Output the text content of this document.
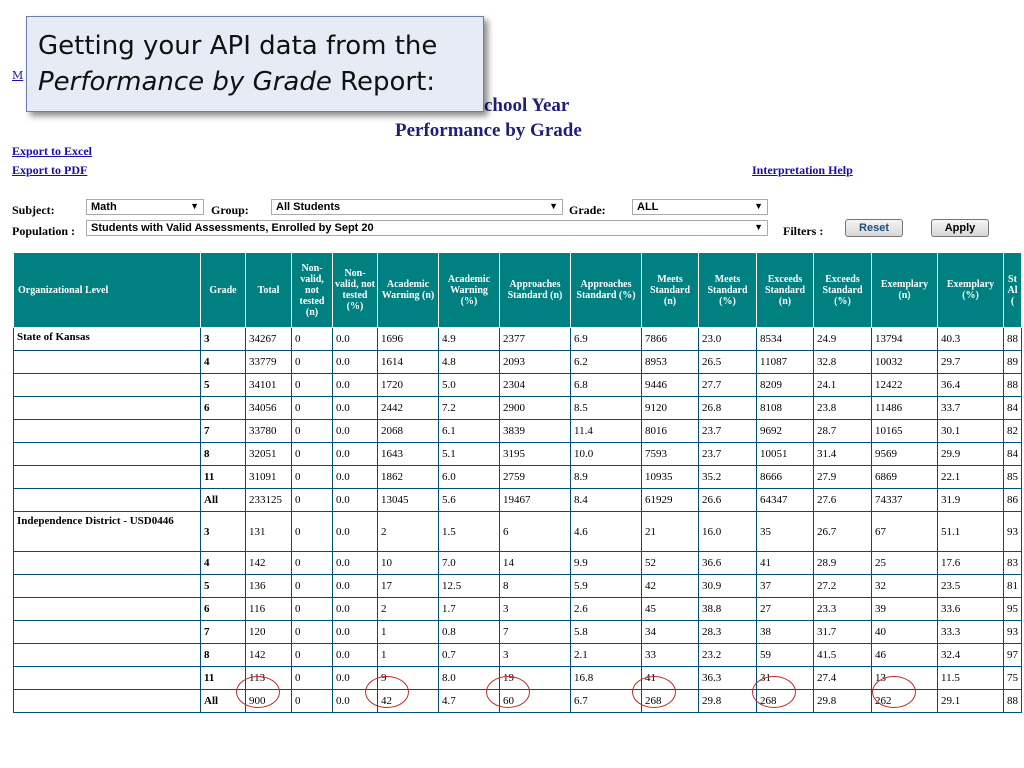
Getting your API data from the
Performance by Grade Report:
M
chool Year
Performance by Grade
Export to Excel
Export to PDF	Interpretation Help
Subject:	Math	▼ Group:	All Students	▼ Grade:	ALL	▼
Population :	Students with Valid Assessments, Enrolled by Sept 20	▼ Filters :	Reset	Apply
Organizational Level	Grade	Total	Non-valid, not tested (n)	Non-valid, not tested (%)	Academic Warning (n)	Academic Warning (%)	Approaches Standard (n)	Approaches Standard (%)	Meets Standard (n)	Meets Standard (%)	Exceeds Standard (n)	Exceeds Standard (%)	Exemplary (n)	Exemplary (%)	St Al (
State of Kansas	3	34267	0	0.0	1696	4.9	2377	6.9	7866	23.0	8534	24.9	13794	40.3	88
	4	33779	0	0.0	1614	4.8	2093	6.2	8953	26.5	11087	32.8	10032	29.7	89
	5	34101	0	0.0	1720	5.0	2304	6.8	9446	27.7	8209	24.1	12422	36.4	88
	6	34056	0	0.0	2442	7.2	2900	8.5	9120	26.8	8108	23.8	11486	33.7	84
	7	33780	0	0.0	2068	6.1	3839	11.4	8016	23.7	9692	28.7	10165	30.1	82
	8	32051	0	0.0	1643	5.1	3195	10.0	7593	23.7	10051	31.4	9569	29.9	84
	11	31091	0	0.0	1862	6.0	2759	8.9	10935	35.2	8666	27.9	6869	22.1	85
	All	233125	0	0.0	13045	5.6	19467	8.4	61929	26.6	64347	27.6	74337	31.9	86
Independence District - USD0446	3	131	0	0.0	2	1.5	6	4.6	21	16.0	35	26.7	67	51.1	93
	4	142	0	0.0	10	7.0	14	9.9	52	36.6	41	28.9	25	17.6	83
	5	136	0	0.0	17	12.5	8	5.9	42	30.9	37	27.2	32	23.5	81
	6	116	0	0.0	2	1.7	3	2.6	45	38.8	27	23.3	39	33.6	95
	7	120	0	0.0	1	0.8	7	5.8	34	28.3	38	31.7	40	33.3	93
	8	142	0	0.0	1	0.7	3	2.1	33	23.2	59	41.5	46	32.4	97
	11	113	0	0.0	9	8.0	19	16.8	41	36.3	31	27.4	13	11.5	75
	All	900	0	0.0	42	4.7	60	6.7	268	29.8	268	29.8	262	29.1	88
